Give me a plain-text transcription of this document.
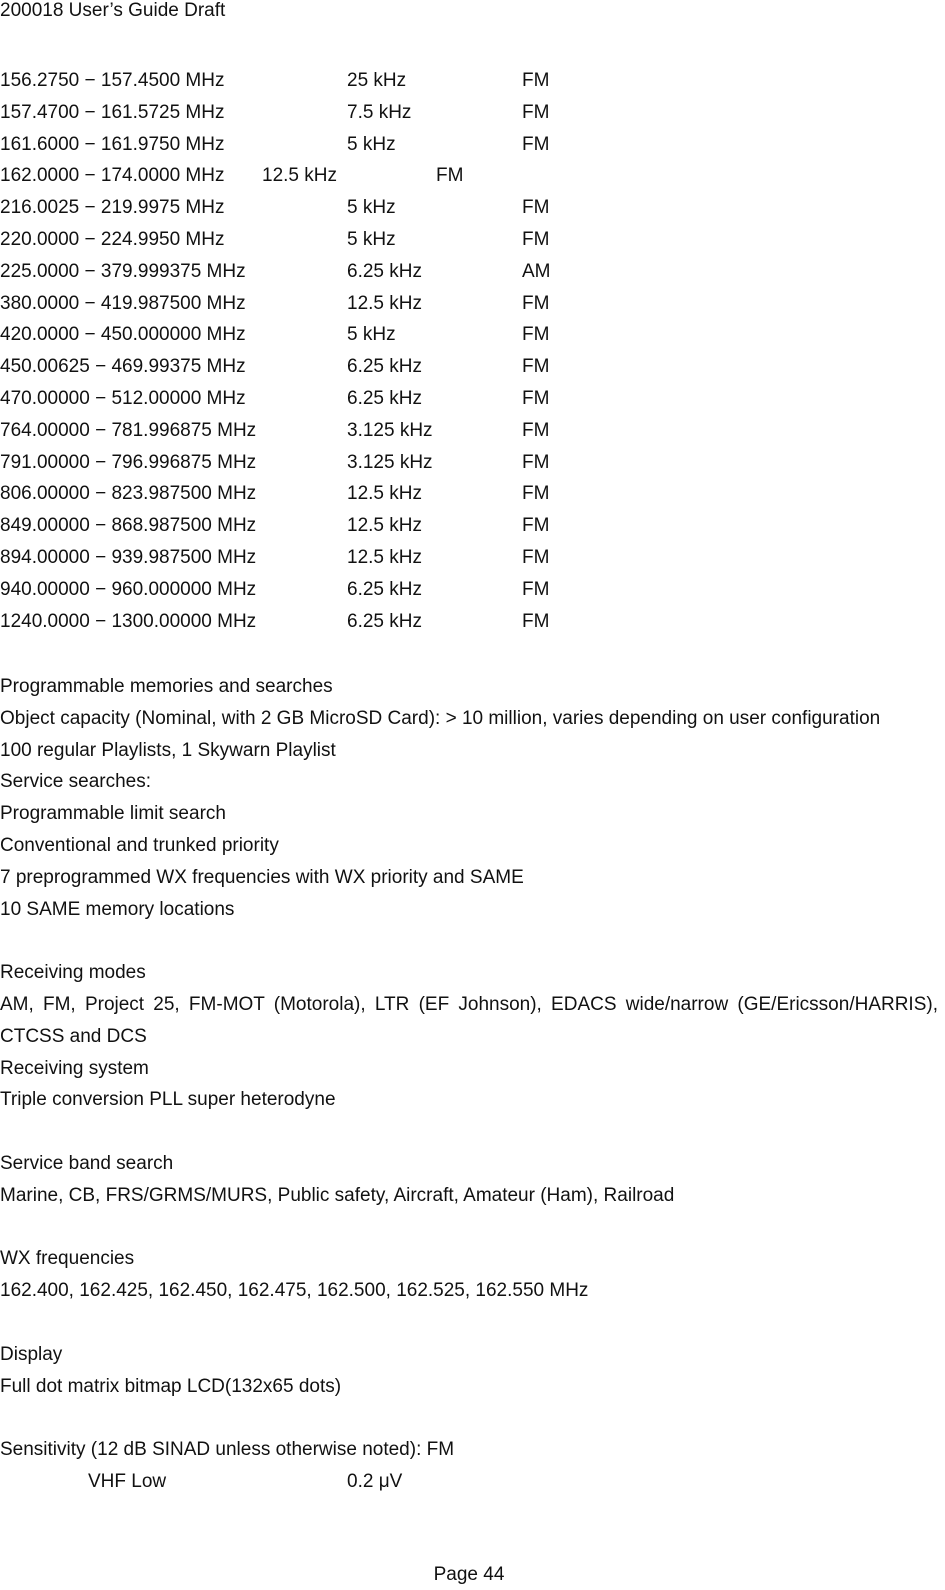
200018 User’s Guide Draft
156.2750 − 157.4500 MHz	25 kHz	FM
157.4700 − 161.5725 MHz	7.5 kHz	FM
161.6000 − 161.9750 MHz	5 kHz	FM
162.0000 − 174.0000 MHz 12.5 kHz	FM
216.0025 − 219.9975 MHz	5 kHz	FM
220.0000 − 224.9950 MHz	5 kHz	FM
225.0000 − 379.999375 MHz	6.25 kHz	AM
380.0000 − 419.987500 MHz	12.5 kHz	FM
420.0000 − 450.000000 MHz	5 kHz	FM
450.00625 − 469.99375 MHz	6.25 kHz	FM
470.00000 − 512.00000 MHz	6.25 kHz	FM
764.00000 − 781.996875 MHz	3.125 kHz	FM
791.00000 − 796.996875 MHz	3.125 kHz	FM
806.00000 − 823.987500 MHz	12.5 kHz	FM
849.00000 − 868.987500 MHz	12.5 kHz	FM
894.00000 − 939.987500 MHz	12.5 kHz	FM
940.00000 − 960.000000 MHz	6.25 kHz	FM
1240.0000 − 1300.00000 MHz	6.25 kHz	FM

Programmable memories and searches

Object capacity (Nominal, with 2 GB MicroSD Card): > 10 million, varies depending on user configuration

100 regular Playlists, 1 Skywarn Playlist

Service searches:

Programmable limit search

Conventional and trunked priority

7 preprogrammed WX frequencies with WX priority and SAME

10 SAME memory locations

Receiving modes

AM, FM, Project 25, FM-MOT (Motorola), LTR (EF Johnson), EDACS wide/narrow (GE/Ericsson/HARRIS), CTCSS and DCS

Receiving system

Triple conversion PLL super heterodyne

Service band search

Marine, CB, FRS/GRMS/MURS, Public safety, Aircraft, Amateur (Ham), Railroad

WX frequencies

162.400, 162.425, 162.450, 162.475, 162.500, 162.525, 162.550 MHz

Display

Full dot matrix bitmap LCD(132x65 dots)

Sensitivity (12 dB SINAD unless otherwise noted): FM

VHF Low	0.2 μV
Page 44
